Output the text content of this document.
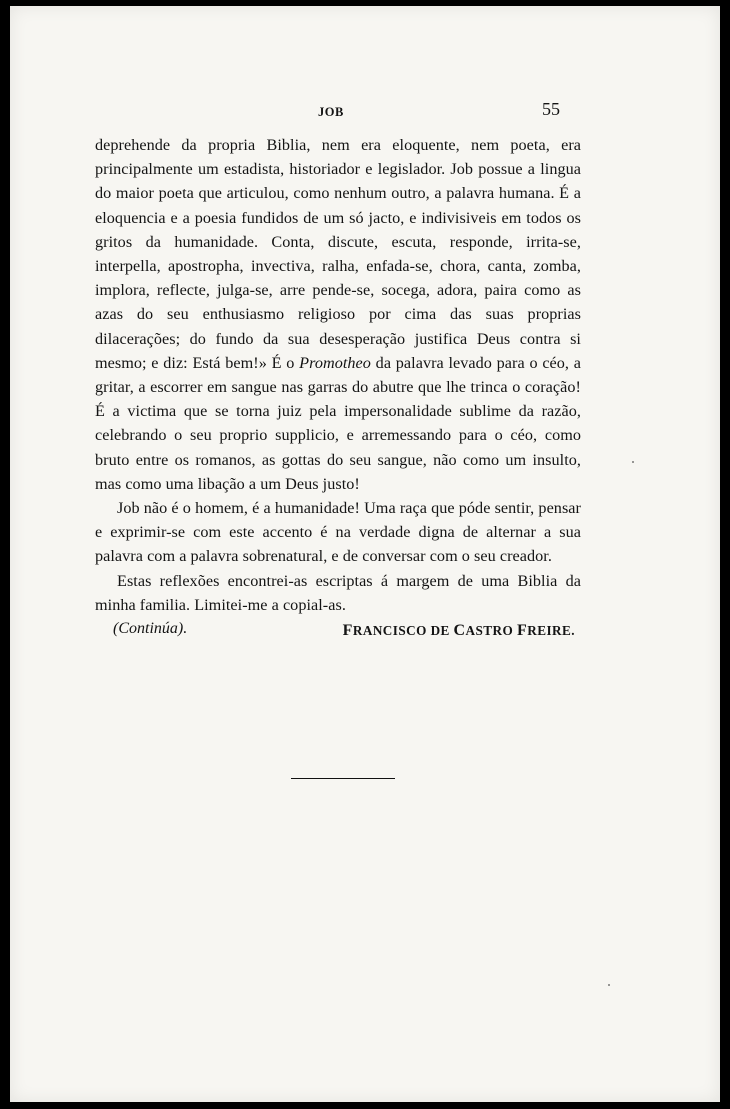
JOB	55

deprehende da propria Biblia, nem era eloquente, nem poeta, era principalmente um estadista, historiador e legislador. Job possue a lingua do maior poeta que articulou, como nenhum outro, a palavra humana. É a eloquencia e a poesia fundidos de um só jacto, e indivisiveis em todos os gritos da humanidade. Conta, discute, escuta, responde, irrita-se, interpella, apostropha, invectiva, ralha, enfada-se, chora, canta, zomba, implora, reflecte, julga-se, arre pende-se, socega, adora, paira como as azas do seu enthusiasmo religioso por cima das suas proprias dilacerações; do fundo da sua desesperação justifica Deus contra si mesmo; e diz: Está bem!» É o Promotheo da palavra levado para o céo, a gritar, a escorrer em sangue nas garras do abutre que lhe trinca o coração! É a victima que se torna juiz pela impersonalidade sublime da razão, celebrando o seu proprio supplicio, e arremessando para o céo, como bruto entre os romanos, as gottas do seu sangue, não como um insulto, mas como uma libação a um Deus justo!

Job não é o homem, é a humanidade! Uma raça que póde sentir, pensar e exprimir-se com este accento é na verdade digna de alternar a sua palavra com a palavra sobrenatural, e de conversar com o seu creador.

Estas reflexões encontrei-as escriptas á margem de uma Biblia da minha familia. Limitei-me a copial-as.

(Continúa).	FRANCISCO DE CASTRO FREIRE.
